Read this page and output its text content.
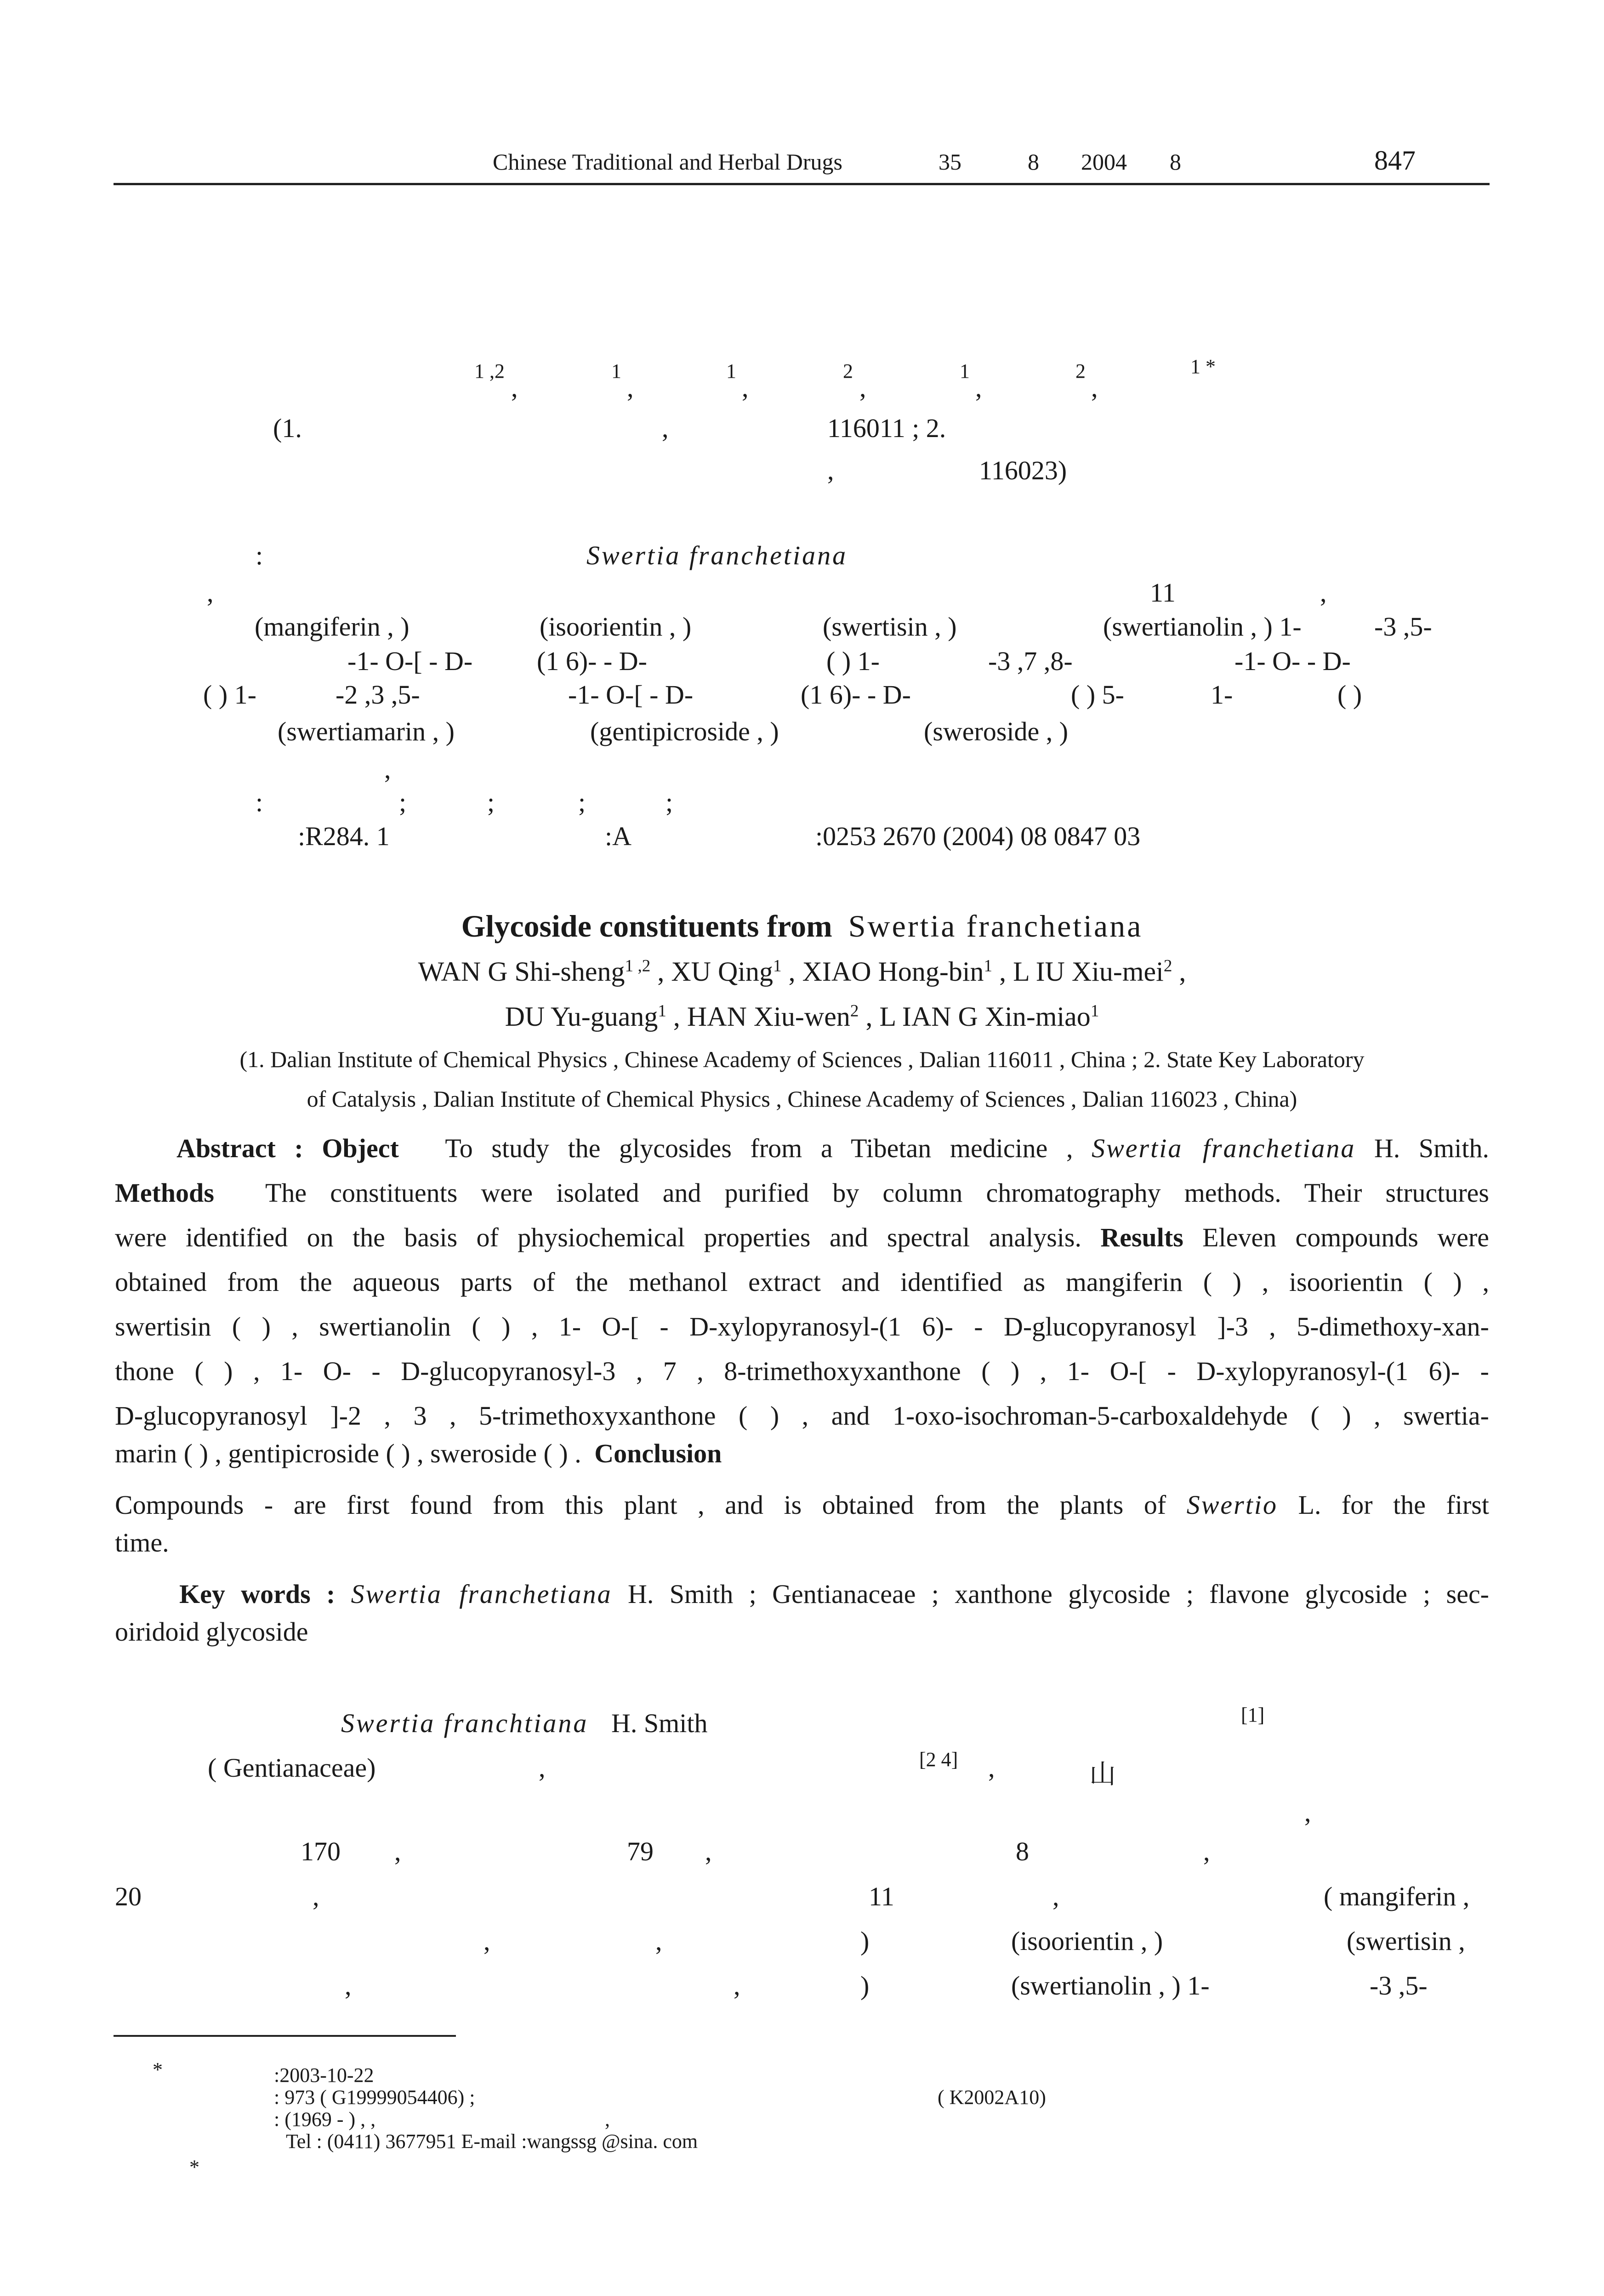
Chinese Traditional and Herbal Drugs	35	8 2004 8	847
1 ,2
,
1
,
1
,
2
,
1
,
2
,
1 *
(1.	,	116011 ; 2.
,	116023)
:	Swertia franchetiana
,	11	,
(mangiferin , )	(isoorientin , )	(swertisin , )	(swertianolin , ) 1-	-3 ,5-
-1- O-[ - D- (1 6)- - D-	( ) 1-	-3 ,7 ,8-	-1- O- - D-
( ) 1-	-2 ,3 ,5-	-1- O-[ - D-	(1 6)- - D-	( ) 5-	1-	( )
(swertiamarin , )	(gentipicroside , )	(sweroside , )
,
:	;	;	;	;
:R284. 1	:A	:0253 2670 (2004) 08 0847 03
Glycoside constituents from Swertia franchetiana
WAN G Shi-sheng$^{1 ,2}$ , XU Qing$^1$ , XIAO Hong-bin$^1$ , L IU Xiu-mei$^2$ ,
DU Yu-guang$^1$ , HAN Xiu-wen$^2$ , L IAN G Xin-miao$^1$
(1. Dalian Institute of Chemical Physics , Chinese Academy of Sciences , Dalian 116011 , China ; 2. State Key Laboratory
of Catalysis , Dalian Institute of Chemical Physics , Chinese Academy of Sciences , Dalian 116023 , China)
Abstract : Object To study the glycosides from a Tibetan medicine , Swertia franchetiana H. Smith.
Methods The constituents were isolated and purified by column chromatography methods. Their structures
were identified on the basis of physiochemical properties and spectral analysis. Results Eleven compounds were
obtained from the aqueous parts of the methanol extract and identified as mangiferin ( ) , isoorientin ( ) ,
swertisin ( ) , swertianolin ( ) , 1- O-[ - D-xylopyranosyl-(1 6)- - D-glucopyranosyl ]-3 , 5-dimethoxy-xan-
thone ( ) , 1- O- - D-glucopyranosyl-3 , 7 , 8-trimethoxyxanthone ( ) , 1- O-[ - D-xylopyranosyl-(1 6)- -
D-glucopyranosyl ]-2 , 3 , 5-trimethoxyxanthone ( ) , and 1-oxo-isochroman-5-carboxaldehyde ( ) , swertia-
marin ( ) , gentipicroside ( ) , sweroside ( ) . Conclusion
Compounds - are first found from this plant , and is obtained from the plants of Swertio L. for the first
time.
Key words : Swertia franchetiana H. Smith ; Gentianaceae ; xanthone glycoside ; flavone glycoside ; sec-
oiridoid glycoside
Swertia franchtiana H. Smith	[1]
( Gentianaceae)	,	[2 4] ,	山
,
170 ,	79 ,	8	,
20	,	11	,	( mangiferin ,
,	,	)	(isoorientin , )	(swertisin ,
,	,	)	(swertianolin , ) 1-	-3 ,5-
*	:2003-10-22
: 973 ( G19999054406) ;	( K2002A10)
: (1969 - ) , ,	,
Tel : (0411) 3677951 E-mail :wangssg @sina. com
*
